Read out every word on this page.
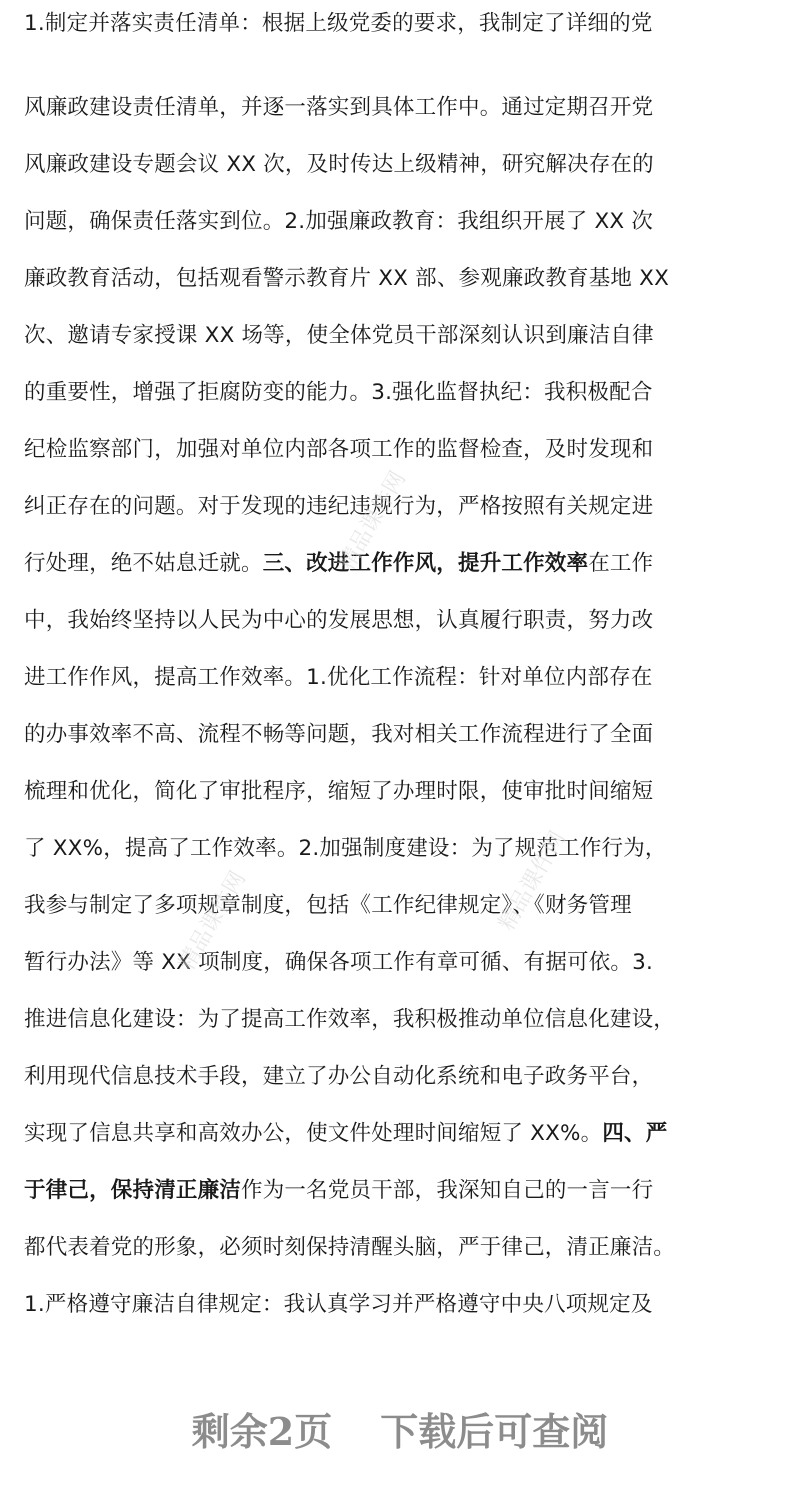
1.制定并落实责任清单：根据上级党委的要求，我制定了详细的党
风廉政建设责任清单，并逐一落实到具体工作中。通过定期召开党
风廉政建设专题会议 XX 次，及时传达上级精神，研究解决存在的
问题，确保责任落实到位。2.加强廉政教育：我组织开展了 XX 次
廉政教育活动，包括观看警示教育片 XX 部、参观廉政教育基地 XX
次、邀请专家授课 XX 场等，使全体党员干部深刻认识到廉洁自律
的重要性，增强了拒腐防变的能力。3.强化监督执纪：我积极配合
纪检监察部门，加强对单位内部各项工作的监督检查，及时发现和
纠正存在的问题。对于发现的违纪违规行为，严格按照有关规定进
行处理，绝不姑息迁就。三、改进工作作风，提升工作效率在工作
中，我始终坚持以人民为中心的发展思想，认真履行职责，努力改
进工作作风，提高工作效率。1.优化工作流程：针对单位内部存在
的办事效率不高、流程不畅等问题，我对相关工作流程进行了全面
梳理和优化，简化了审批程序，缩短了办理时限，使审批时间缩短
了 XX%，提高了工作效率。2.加强制度建设：为了规范工作行为，
我参与制定了多项规章制度，包括《工作纪律规定》、《财务管理
暂行办法》等 XX 项制度，确保各项工作有章可循、有据可依。3.
推进信息化建设：为了提高工作效率，我积极推动单位信息化建设，
利用现代信息技术手段，建立了办公自动化系统和电子政务平台，
实现了信息共享和高效办公，使文件处理时间缩短了 XX%。四、严
于律己，保持清正廉洁作为一名党员干部，我深知自己的一言一行
都代表着党的形象，必须时刻保持清醒头脑，严于律己，清正廉洁。
1.严格遵守廉洁自律规定：我认真学习并严格遵守中央八项规定及
精品课件网
精品课件网	精品课件网
剩余2页 下载后可查阅
